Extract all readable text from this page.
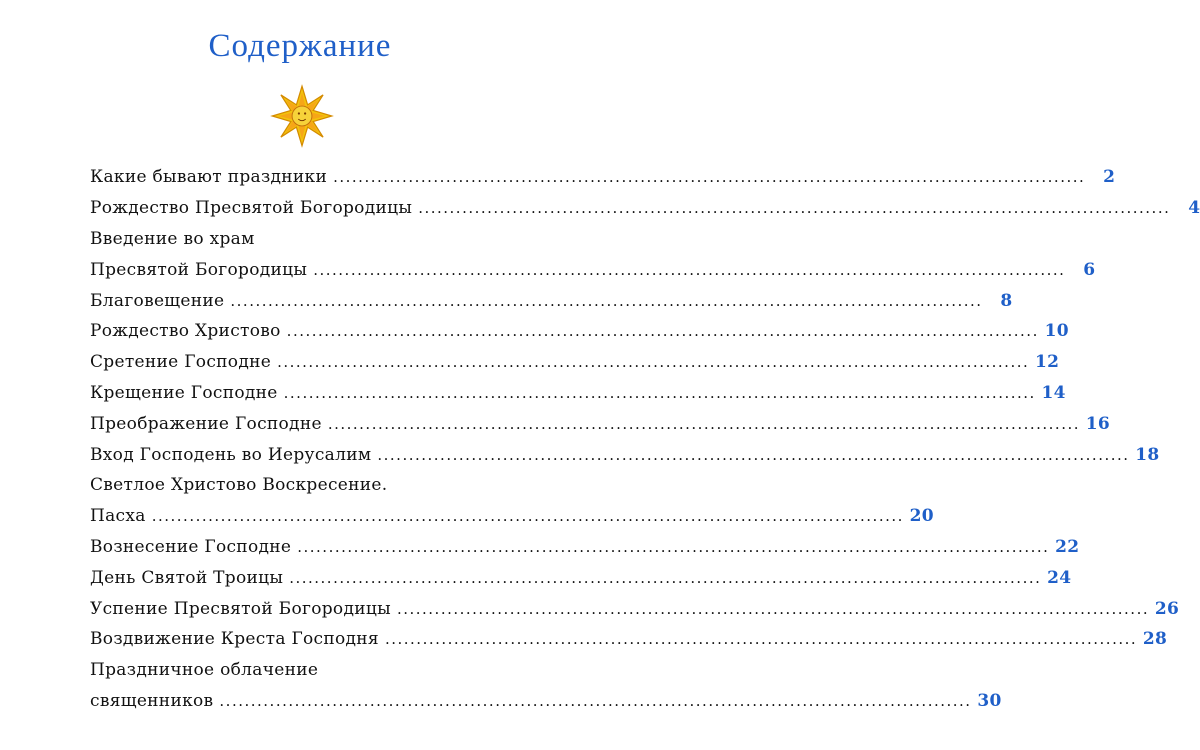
Содержание
Какие бывают праздники ........................................................................................................................	2
Рождество Пресвятой Богородицы ........................................................................................................................	4
Введение во храм
Пресвятой Богородицы ........................................................................................................................	6
Благовещение ........................................................................................................................	8
Рождество Христово ........................................................................................................................ 10
Сретение Господне ........................................................................................................................ 12
Крещение Господне ........................................................................................................................ 14
Преображение Господне ........................................................................................................................ 16
Вход Господень во Иерусалим ........................................................................................................................ 18
Светлое Христово Воскресение.
Пасха ........................................................................................................................ 20
Вознесение Господне ........................................................................................................................ 22
День Святой Троицы ........................................................................................................................ 24
Успение Пресвятой Богородицы ........................................................................................................................ 26
Воздвижение Креста Господня ........................................................................................................................ 28
Праздничное облачение
священников ........................................................................................................................ 30
